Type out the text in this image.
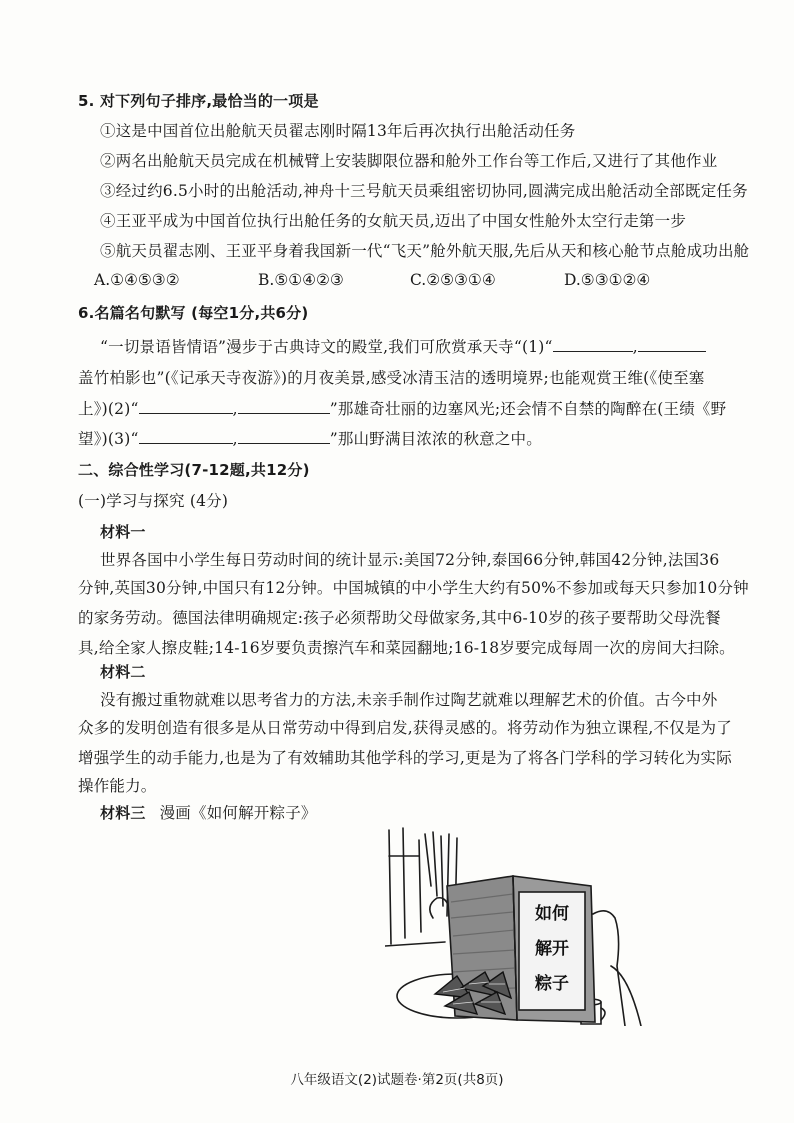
5. 对下列句子排序,最恰当的一项是
①这是中国首位出舱航天员翟志刚时隔13年后再次执行出舱活动任务
②两名出舱航天员完成在机械臂上安装脚限位器和舱外工作台等工作后,又进行了其他作业
③经过约6.5小时的出舱活动,神舟十三号航天员乘组密切协同,圆满完成出舱活动全部既定任务
④王亚平成为中国首位执行出舱任务的女航天员,迈出了中国女性舱外太空行走第一步
⑤航天员翟志刚、王亚平身着我国新一代“飞天”舱外航天服,先后从天和核心舱节点舱成功出舱
A.①④⑤③②	B.⑤①④②③	C.②⑤③①④	D.⑤③①②④
6.名篇名句默写 (每空1分,共6分)
“一切景语皆情语”漫步于古典诗文的殿堂,我们可欣赏承天寺“(1)“	,
盖竹柏影也”(《记承天寺夜游》)的月夜美景,感受冰清玉洁的透明境界;也能观赏王维(《使至塞
上》)(2)“	,	”那雄奇壮丽的边塞风光;还会情不自禁的陶醉在(王绩《野
望》)(3)“	,	”那山野满目浓浓的秋意之中。
二、综合性学习(7-12题,共12分)
(一)学习与探究 (4分)
材料一
世界各国中小学生每日劳动时间的统计显示:美国72分钟,泰国66分钟,韩国42分钟,法国36
分钟,英国30分钟,中国只有12分钟。中国城镇的中小学生大约有50%不参加或每天只参加10分钟
的家务劳动。德国法律明确规定:孩子必须帮助父母做家务,其中6-10岁的孩子要帮助父母洗餐
具,给全家人擦皮鞋;14-16岁要负责擦汽车和菜园翻地;16-18岁要完成每周一次的房间大扫除。
材料二
没有搬过重物就难以思考省力的方法,未亲手制作过陶艺就难以理解艺术的价值。古今中外
众多的发明创造有很多是从日常劳动中得到启发,获得灵感的。将劳动作为独立课程,不仅是为了
增强学生的动手能力,也是为了有效辅助其他学科的学习,更是为了将各门学科的学习转化为实际
操作能力。
材料三 漫画《如何解开粽子》
如何
解开
粽子
八年级语文(2)试题卷·第2页(共8页)
